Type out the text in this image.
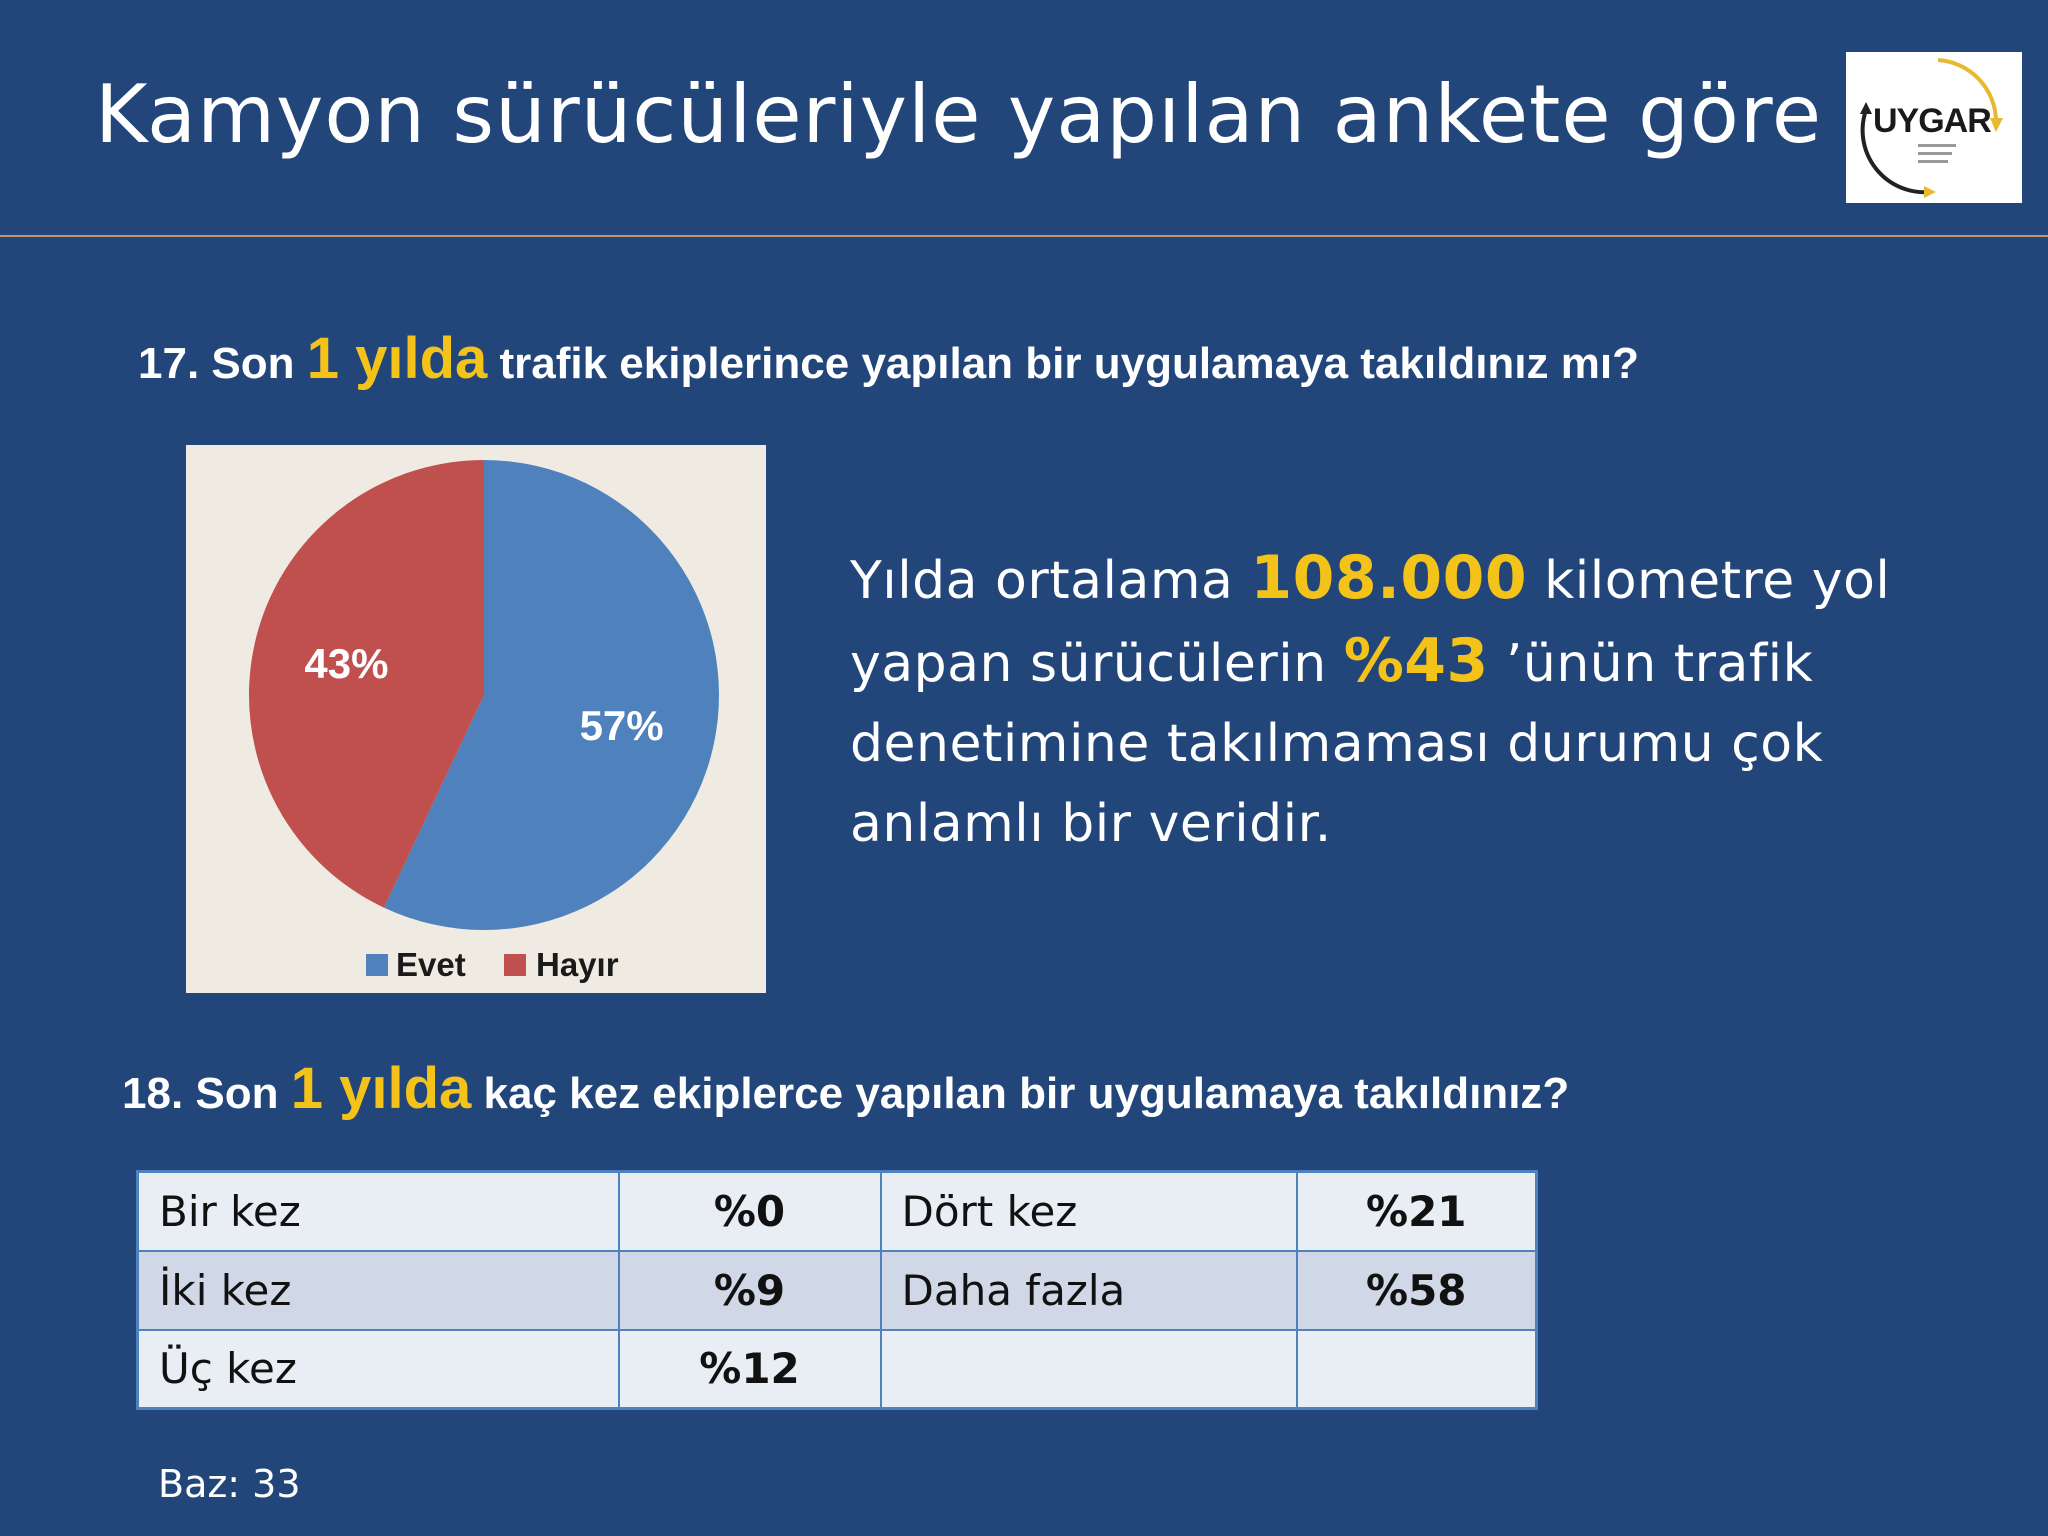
Kamyon sürücüleriyle yapılan ankete göre UYGAR
17. Son 1 yılda trafik ekiplerince yapılan bir uygulamaya takıldınız mı?
57%
43%
Evet Hayır
Yılda ortalama 108.000 kilometre yol yapan sürücülerin %43 ’ünün trafik denetimine takılmaması durumu çok anlamlı bir veridir.
18. Son 1 yılda kaç kez ekiplerce yapılan bir uygulamaya takıldınız?
Bir kez	%0	Dört kez	%21
İki kez	%9	Daha fazla	%58
Üç kez	%12		
Baz: 33
